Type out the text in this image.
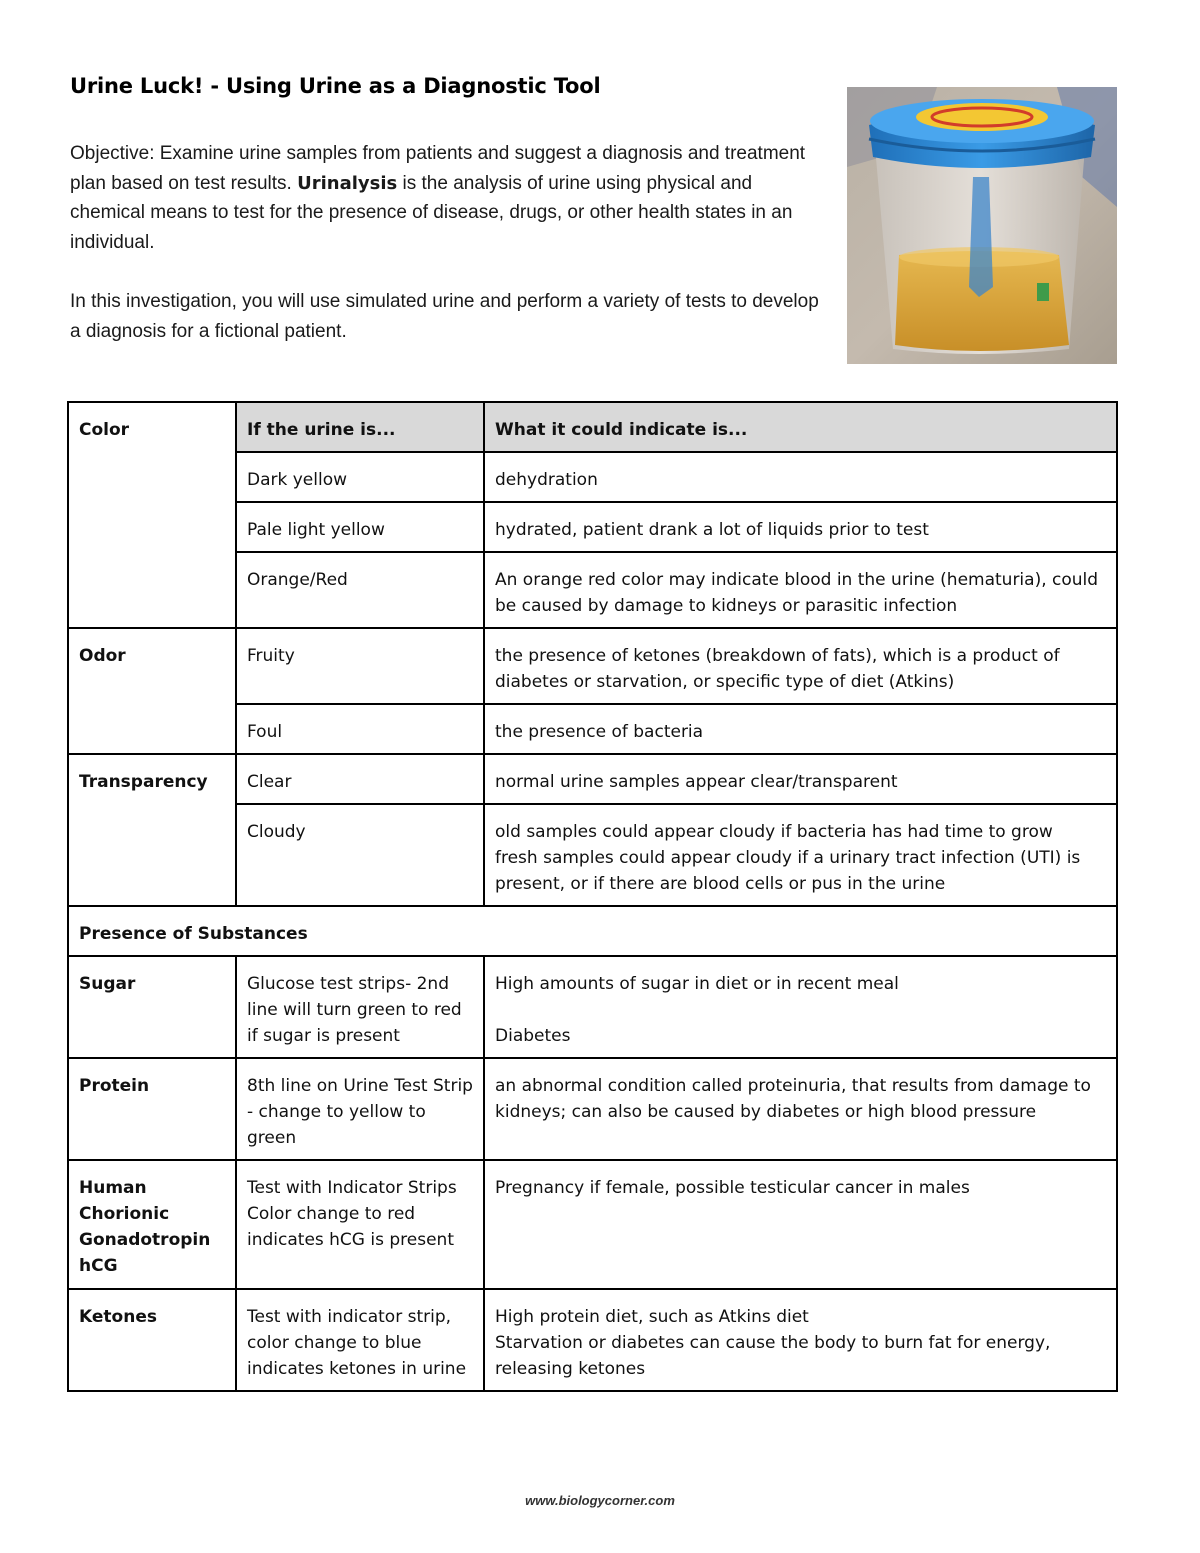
Urine Luck! - Using Urine as a Diagnostic Tool

Objective: Examine urine samples from patients and suggest a diagnosis and treatment plan based on test results. Urinalysis is the analysis of urine using physical and chemical means to test for the presence of disease, drugs, or other health states in an individual.

In this investigation, you will use simulated urine and perform a variety of tests to develop a diagnosis for a fictional patient.

Color	If the urine is...	What it could indicate is...
	Dark yellow	dehydration
	Pale light yellow	hydrated, patient drank a lot of liquids prior to test
	Orange/Red	An orange red color may indicate blood in the urine (hematuria), could be caused by damage to kidneys or parasitic infection
Odor	Fruity	the presence of ketones (breakdown of fats), which is a product of diabetes or starvation, or specific type of diet (Atkins)
	Foul	the presence of bacteria
Transparency	Clear	normal urine samples appear clear/transparent
	Cloudy	old samples could appear cloudy if bacteria has had time to grow
fresh samples could appear cloudy if a urinary tract infection (UTI) is present, or if there are blood cells or pus in the urine

Presence of Substances		
Sugar	Glucose test strips- 2nd line will turn green to red if sugar is present	High amounts of sugar in diet or in recent meal
Diabetes

Protein	8th line on Urine Test Strip - change to yellow to green	an abnormal condition called proteinuria, that results from damage to kidneys; can also be caused by diabetes or high blood pressure
Human Chorionic Gonadotropin hCG	Test with Indicator Strips Color change to red indicates hCG is present	Pregnancy if female, possible testicular cancer in males
Ketones	Test with indicator strip, color change to blue indicates ketones in urine	High protein diet, such as Atkins diet
Starvation or diabetes can cause the body to burn fat for energy, releasing ketones
www.biologycorner.com
